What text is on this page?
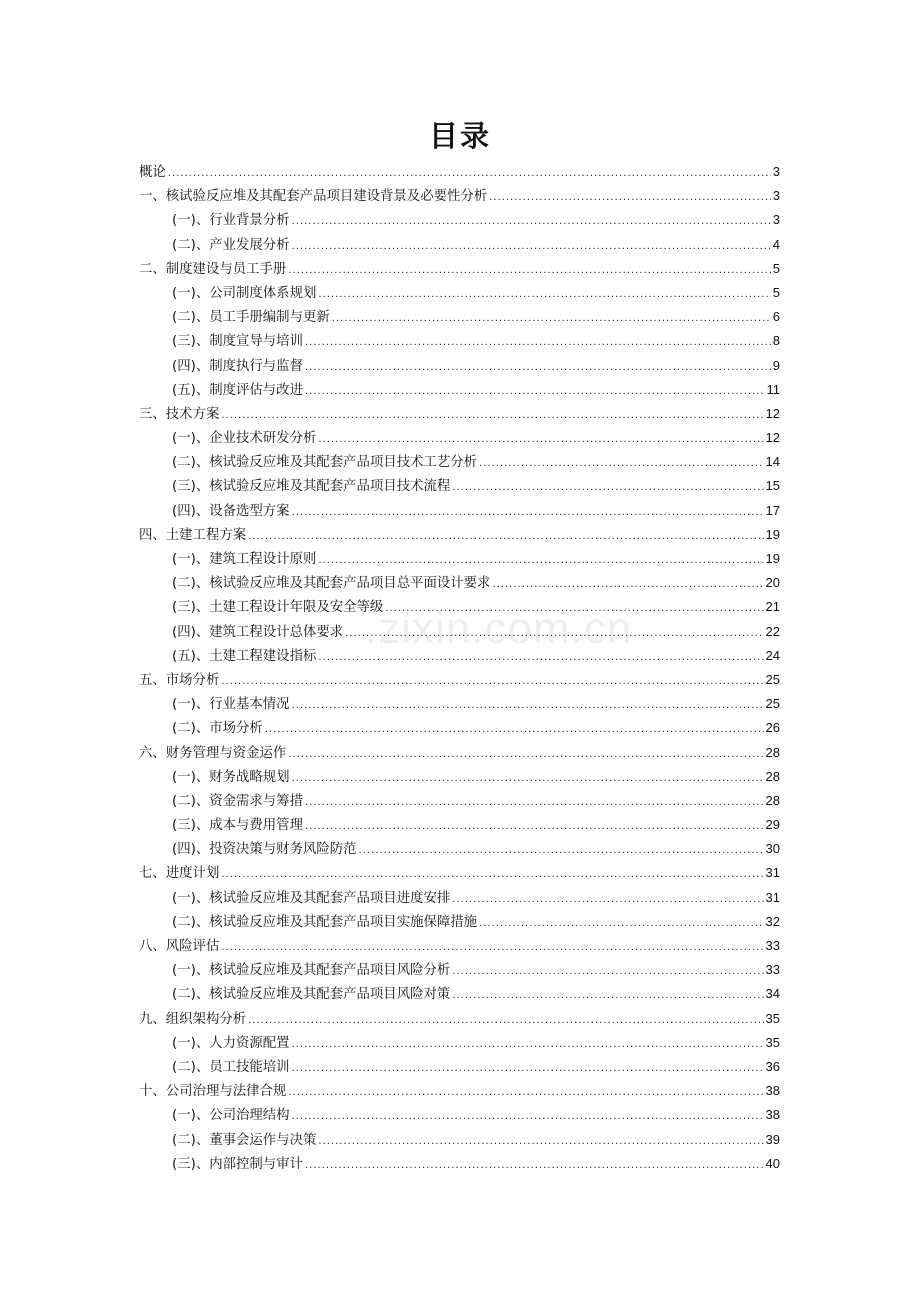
目录
.zixin.com.cn
概论 .....	3
一、核试验反应堆及其配套产品项目建设背景及必要性分析 .....	3
(一)、行业背景分析 .....	3
(二)、产业发展分析 .....	4
二、制度建设与员工手册 .....	5
(一)、公司制度体系规划 .....	5
(二)、员工手册编制与更新 .....	6
(三)、制度宣导与培训 .....	8
(四)、制度执行与监督 .....	9
(五)、制度评估与改进 .....	11
三、技术方案 .....	12
(一)、企业技术研发分析 .....	12
(二)、核试验反应堆及其配套产品项目技术工艺分析 .....	14
(三)、核试验反应堆及其配套产品项目技术流程 .....	15
(四)、设备选型方案 .....	17
四、土建工程方案 .....	19
(一)、建筑工程设计原则 .....	19
(二)、核试验反应堆及其配套产品项目总平面设计要求 .....	20
(三)、土建工程设计年限及安全等级 .....	21
(四)、建筑工程设计总体要求 .....	22
(五)、土建工程建设指标 .....	24
五、市场分析 .....	25
(一)、行业基本情况 .....	25
(二)、市场分析 .....	26
六、财务管理与资金运作 .....	28
(一)、财务战略规划 .....	28
(二)、资金需求与筹措 .....	28
(三)、成本与费用管理 .....	29
(四)、投资决策与财务风险防范 .....	30
七、进度计划 .....	31
(一)、核试验反应堆及其配套产品项目进度安排 .....	31
(二)、核试验反应堆及其配套产品项目实施保障措施 .....	32
八、风险评估 .....	33
(一)、核试验反应堆及其配套产品项目风险分析 .....	33
(二)、核试验反应堆及其配套产品项目风险对策 .....	34
九、组织架构分析 .....	35
(一)、人力资源配置 .....	35
(二)、员工技能培训 .....	36
十、公司治理与法律合规 .....	38
(一)、公司治理结构 .....	38
(二)、董事会运作与决策 .....	39
(三)、内部控制与审计 .....	40
